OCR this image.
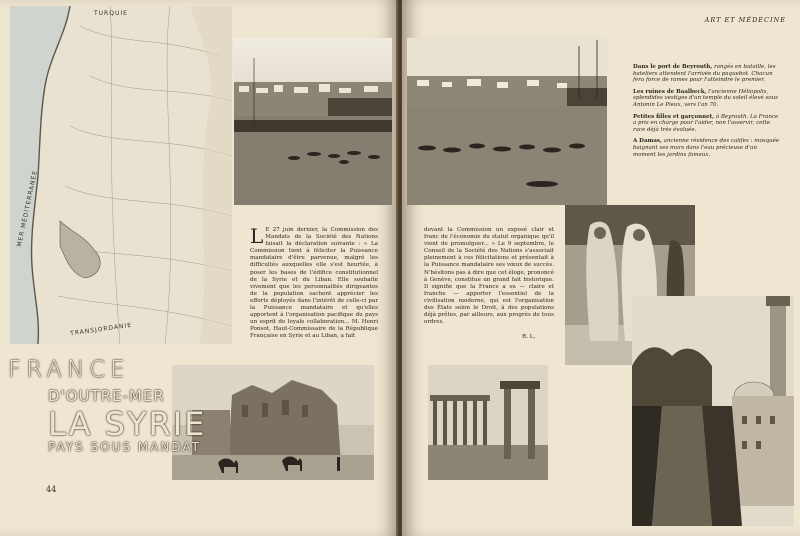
TURQUIE
MER MÉDITERRANÉE
TRANSJORDANIE
L E 27 juin dernier, la Commission des Mandats de la Société des Nations faisait la déclaration suivante : « La Commission tient à féliciter la Puissance mandataire d'être parvenue, malgré les difficultés auxquelles elle s'est heurtée, à poser les bases de l'édifice constitutionnel de la Syrie et du Liban. Elle souhaite vivement que les personnalités dirigeantes de la population sachent apprécier les efforts déployés dans l'intérêt de celle-ci par la Puissance mandataire et qu'elles apportent à l'organisation pacifique du pays un esprit de loyale collaboration... M. Henri Ponsot, Haut-Commissaire de la République Française en Syrie et au Liban, a fait
FRANCE
D'OUTRE-MER
LA SYRIE
PAYS SOUS MANDAT
44
ART ET MÉDECINE

Dans le port de Beyrouth, rangés en bataille, les bateliers attendent l'arrivée du paquebot. Chacun fera force de rames pour l'atteindre le premier.

Les ruines de Baalbeck, l'ancienne Héliopolis, splendides vestiges d'un temple du soleil élevé sous Antonin Le Pieux, vers l'an 70.

Petites filles et garçonnet, à Beyrouth. La France a pris en charge pour l'aider, non l'asservir, cette race déjà très évoluée.

A Damas, ancienne résidence des califes : mosquée baignant ses murs dans l'eau précieuse d'un moment les jardins fameux.

devant la Commission un exposé clair et franc de l'économie du statut organique qu'il vient de promulguer... » Le 9 septembre, le Conseil de la Société des Nations s'associait pleinement à ces félicitations et présentait à la Puissance mandataire ses vœux de succès. N'hésitons pas à dire que cet éloge, prononcé à Genève, constitue un grand fait historique. Il signifie que la France a su — claire et franche — apporter l'essentiel de la civilisation moderne, qui est l'organisation des États selon le Droit, à des populations déjà prêtes, par ailleurs, aux progrès de tous ordres.
R. L.
